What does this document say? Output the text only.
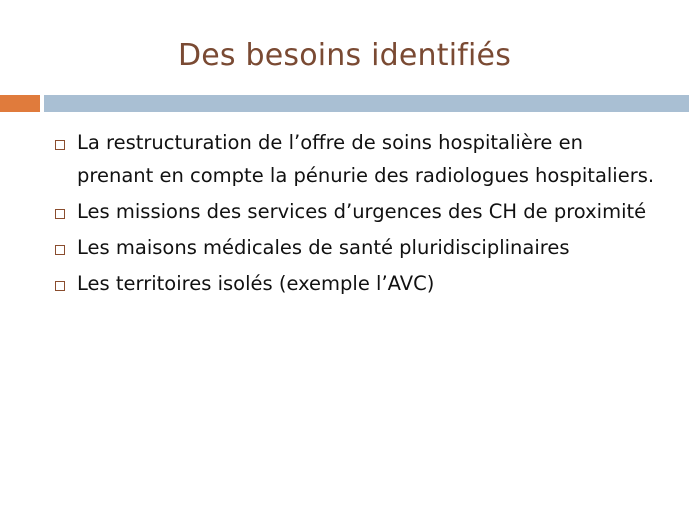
Des besoins identifiés
La restructuration de l’offre de soins hospitalière en prenant en compte la pénurie des radiologues hospitaliers.
Les missions des services d’urgences des CH de proximité
Les maisons médicales de santé pluridisciplinaires
Les territoires isolés (exemple l’AVC)
